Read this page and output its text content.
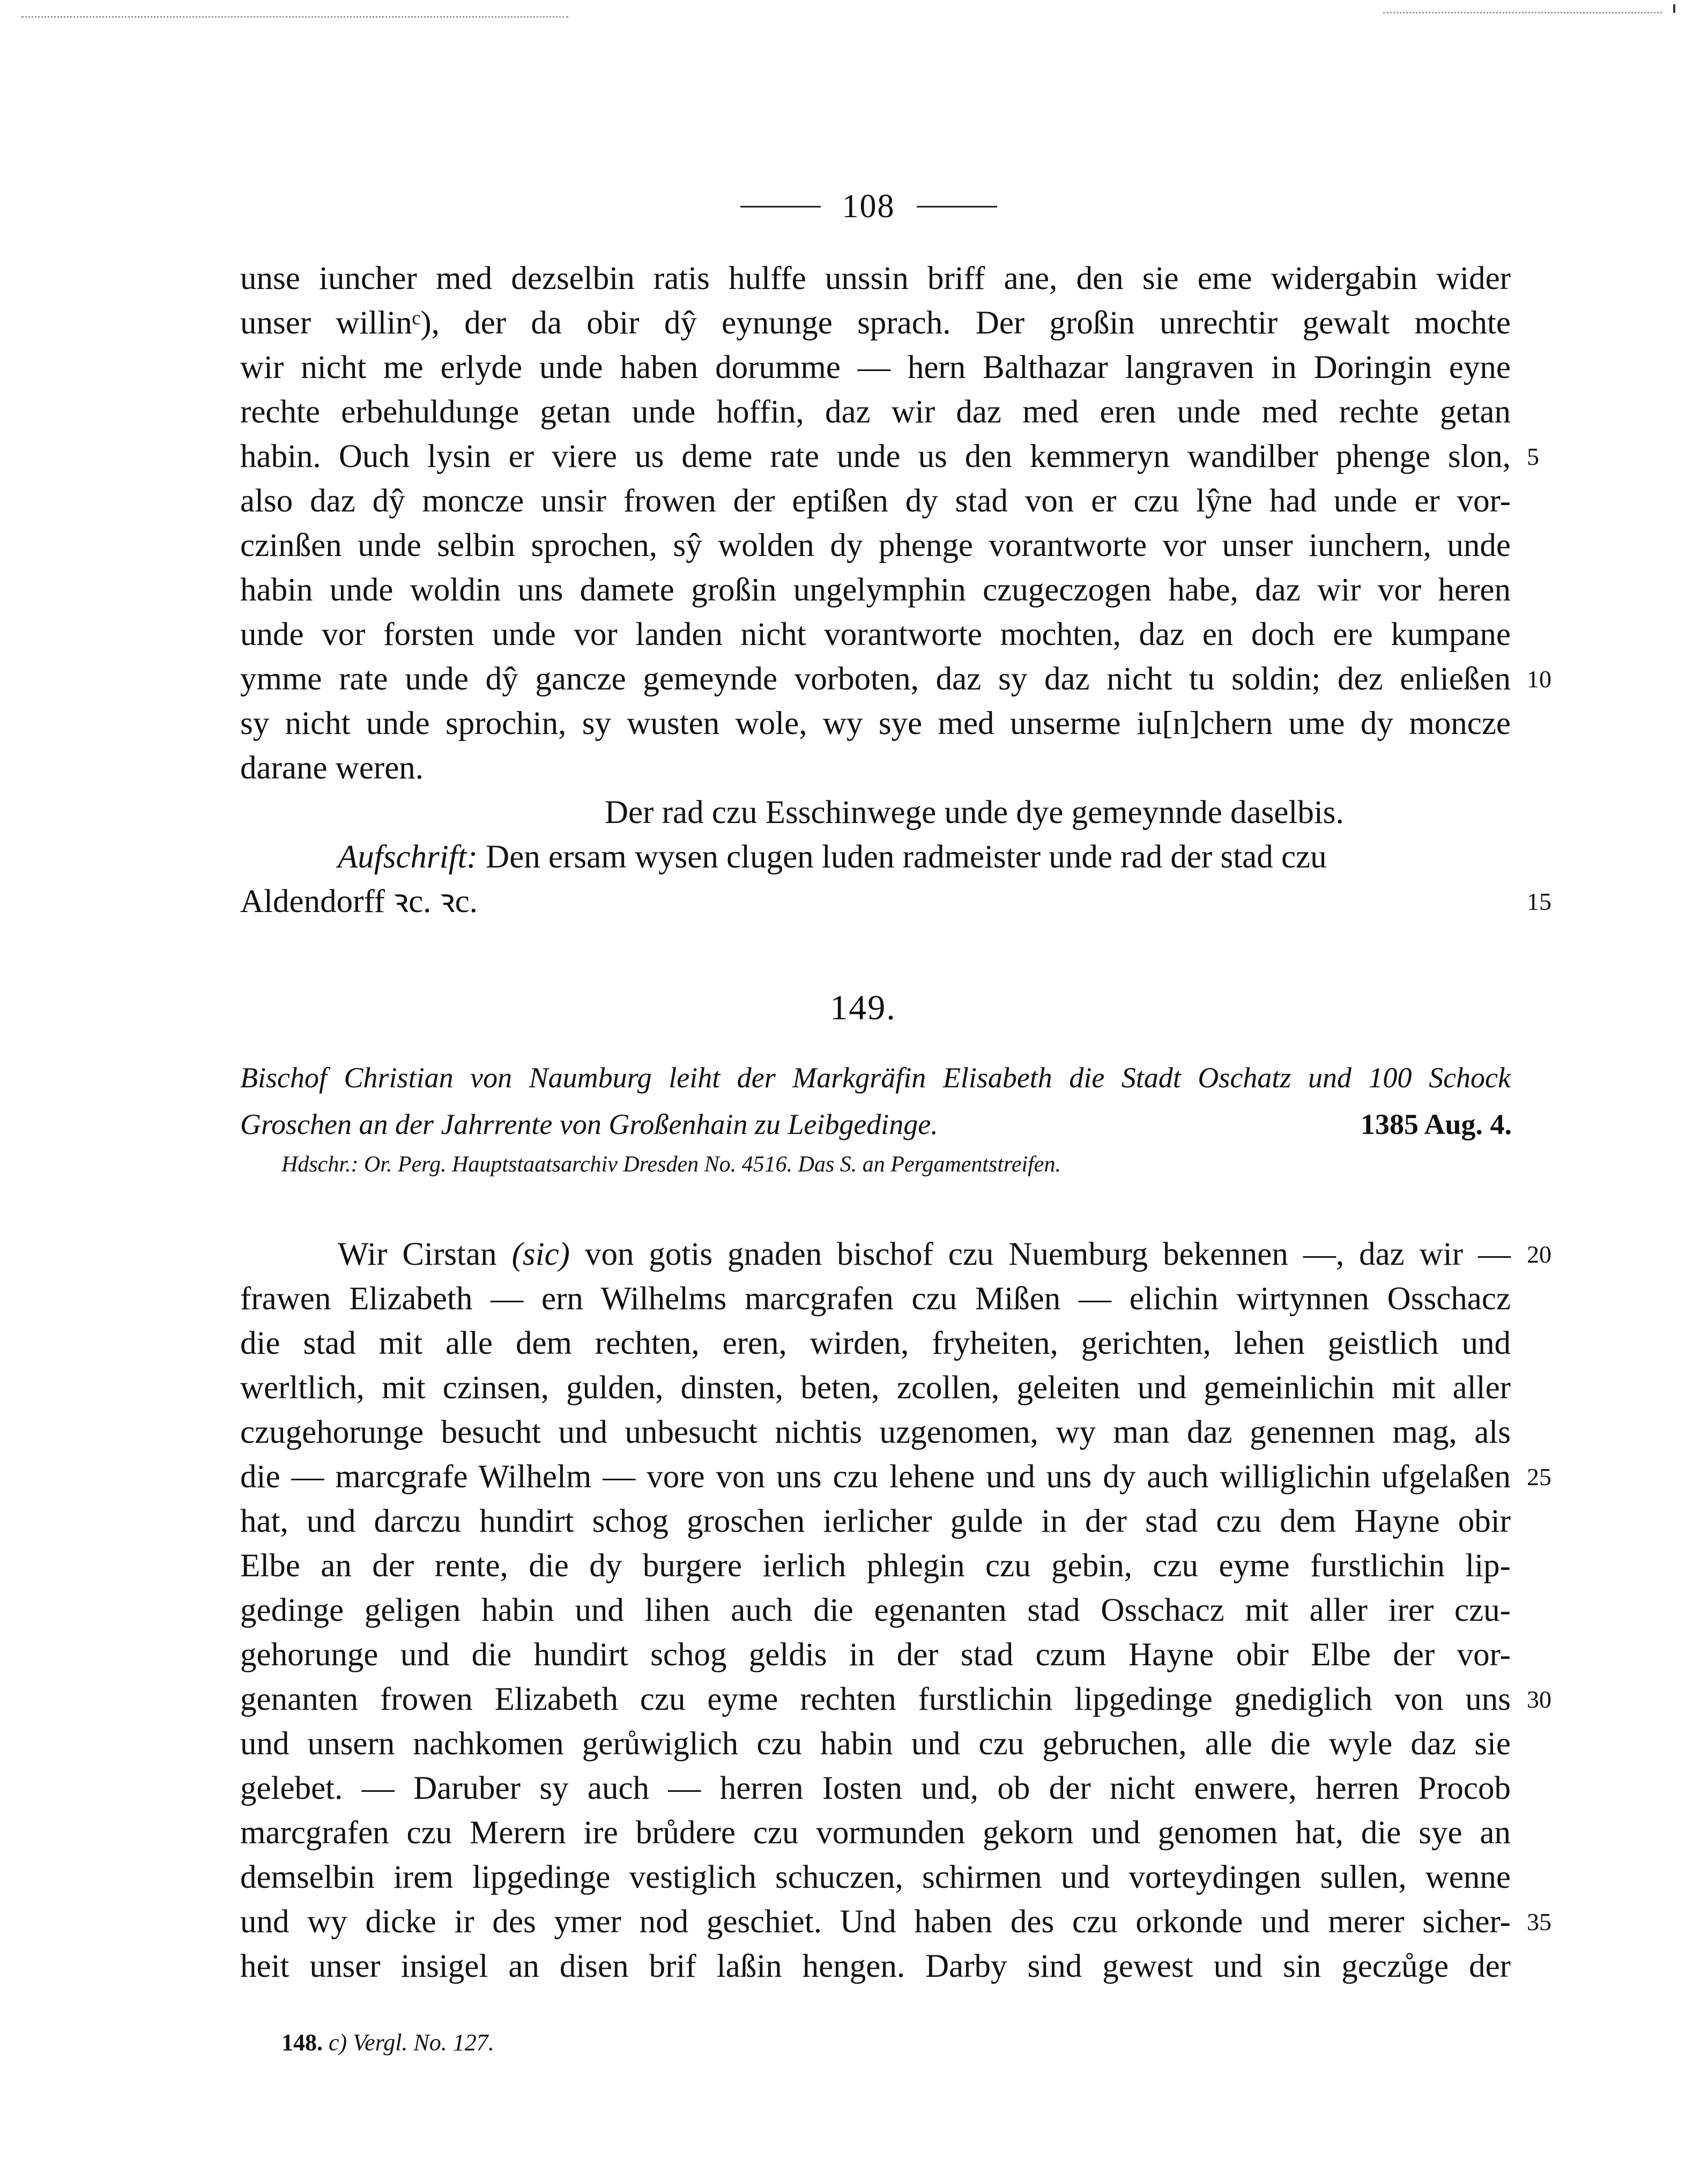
108
unse iuncher med dezselbin ratis hulffe unssin briff ane, den sie eme widergabin wider
unser willinᶜ), der da obir dŷ eynunge sprach. Der großin unrechtir gewalt mochte
wir nicht me erlyde unde haben dorumme — hern Balthazar langraven in Doringin eyne
rechte erbehuldunge getan unde hoffin, daz wir daz med eren unde med rechte getan
habin. Ouch lysin er viere us deme rate unde us den kemmeryn wandilber phenge slon,
also daz dŷ moncze unsir frowen der eptißen dy stad von er czu lŷne had unde er vor-
czinßen unde selbin sprochen, sŷ wolden dy phenge vorantworte vor unser iunchern, unde
habin unde woldin uns damete großin ungelymphin czugeczogen habe, daz wir vor heren
unde vor forsten unde vor landen nicht vorantworte mochten, daz en doch ere kumpane
ymme rate unde dŷ gancze gemeynde vorboten, daz sy daz nicht tu soldin; dez enließen
sy nicht unde sprochin, sy wusten wole, wy sye med unserme iu[n]chern ume dy moncze
darane weren.
Der rad czu Esschinwege unde dye gemeynnde daselbis.
Aufschrift: Den ersam wysen clugen luden radmeister unde rad der stad czu
Aldendorff ꝛc. ꝛc.
5
10
15
149.
Bischof Christian von Naumburg leiht der Markgräfin Elisabeth die Stadt Oschatz und 100 Schock
Groschen an der Jahrrente von Großenhain zu Leibgedinge.	1385 Aug. 4.
Hdschr.: Or. Perg. Hauptstaatsarchiv Dresden No. 4516. Das S. an Pergamentstreifen.
Wir Cirstan (sic) von gotis gnaden bischof czu Nuemburg bekennen —, daz wir —
frawen Elizabeth — ern Wilhelms marcgrafen czu Mißen — elichin wirtynnen Osschacz
die stad mit alle dem rechten, eren, wirden, fryheiten, gerichten, lehen geistlich und
werltlich, mit czinsen, gulden, dinsten, beten, zcollen, geleiten und gemeinlichin mit aller
czugehorunge besucht und unbesucht nichtis uzgenomen, wy man daz genennen mag, als
die — marcgrafe Wilhelm — vore von uns czu lehene und uns dy auch williglichin ufgelaßen
hat, und darczu hundirt schog groschen ierlicher gulde in der stad czu dem Hayne obir
Elbe an der rente, die dy burgere ierlich phlegin czu gebin, czu eyme furstlichin lip-
gedinge geligen habin und lihen auch die egenanten stad Osschacz mit aller irer czu-
gehorunge und die hundirt schog geldis in der stad czum Hayne obir Elbe der vor-
genanten frowen Elizabeth czu eyme rechten furstlichin lipgedinge gnediglich von uns
und unsern nachkomen gerůwiglich czu habin und czu gebruchen, alle die wyle daz sie
gelebet. — Daruber sy auch — herren Iosten und, ob der nicht enwere, herren Procob
marcgrafen czu Merern ire brůdere czu vormunden gekorn und genomen hat, die sye an
demselbin irem lipgedinge vestiglich schuczen, schirmen und vorteydingen sullen, wenne
und wy dicke ir des ymer nod geschiet. Und haben des czu orkonde und merer sicher-
heit unser insigel an disen brif laßin hengen. Darby sind gewest und sin geczůge der
20
25
30
35
148. c) Vergl. No. 127.
